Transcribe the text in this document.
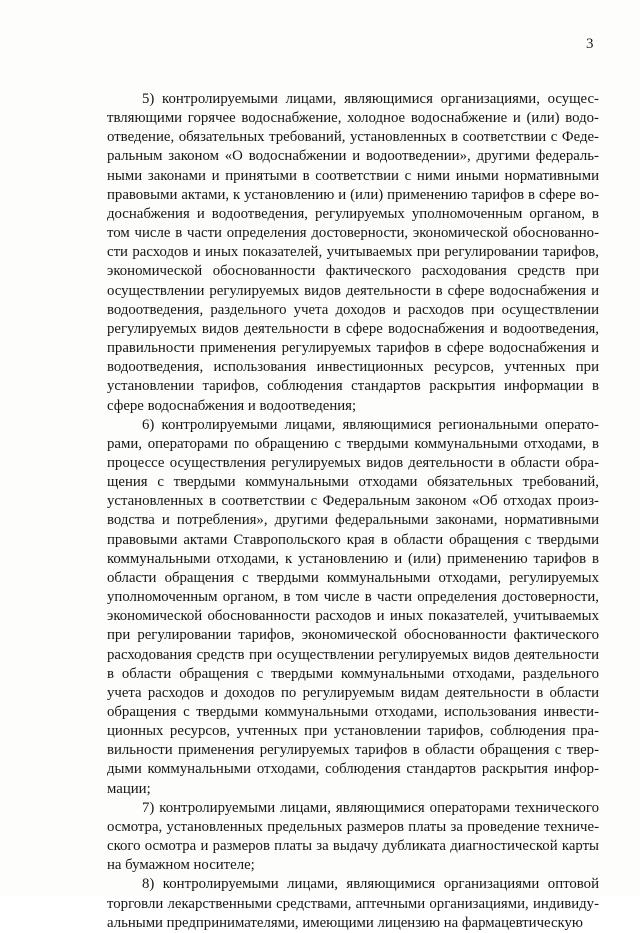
3

5) контролируемыми лицами, являющимися организациями, осущес-
твляющими горячее водоснабжение, холодное водоснабжение и (или) водо-
отведение, обязательных требований, установленных в соответствии с Феде-
ральным законом «О водоснабжении и водоотведении», другими федераль-
ными законами и принятыми в соответствии с ними иными нормативными
правовыми актами, к установлению и (или) применению тарифов в сфере во-
доснабжения и водоотведения, регулируемых уполномоченным органом, в
том числе в части определения достоверности, экономической обоснованно-
сти расходов и иных показателей, учитываемых при регулировании тарифов,
экономической обоснованности фактического расходования средств при
осуществлении регулируемых видов деятельности в сфере водоснабжения и
водоотведения, раздельного учета доходов и расходов при осуществлении
регулируемых видов деятельности в сфере водоснабжения и водоотведения,
правильности применения регулируемых тарифов в сфере водоснабжения и
водоотведения, использования инвестиционных ресурсов, учтенных при
установлении тарифов, соблюдения стандартов раскрытия информации в
сфере водоснабжения и водоотведения;

6) контролируемыми лицами, являющимися региональными операто-
рами, операторами по обращению с твердыми коммунальными отходами, в
процессе осуществления регулируемых видов деятельности в области обра-
щения с твердыми коммунальными отходами обязательных требований,
установленных в соответствии с Федеральным законом «Об отходах произ-
водства и потребления», другими федеральными законами, нормативными
правовыми актами Ставропольского края в области обращения с твердыми
коммунальными отходами, к установлению и (или) применению тарифов в
области обращения с твердыми коммунальными отходами, регулируемых
уполномоченным органом, в том числе в части определения достоверности,
экономической обоснованности расходов и иных показателей, учитываемых
при регулировании тарифов, экономической обоснованности фактического
расходования средств при осуществлении регулируемых видов деятельности
в области обращения с твердыми коммунальными отходами, раздельного
учета расходов и доходов по регулируемым видам деятельности в области
обращения с твердыми коммунальными отходами, использования инвести-
ционных ресурсов, учтенных при установлении тарифов, соблюдения пра-
вильности применения регулируемых тарифов в области обращения с твер-
дыми коммунальными отходами, соблюдения стандартов раскрытия инфор-
мации;

7) контролируемыми лицами, являющимися операторами технического
осмотра, установленных предельных размеров платы за проведение техниче-
ского осмотра и размеров платы за выдачу дубликата диагностической карты
на бумажном носителе;

8) контролируемыми лицами, являющимися организациями оптовой
торговли лекарственными средствами, аптечными организациями, индивиду-
альными предпринимателями, имеющими лицензию на фармацевтическую
